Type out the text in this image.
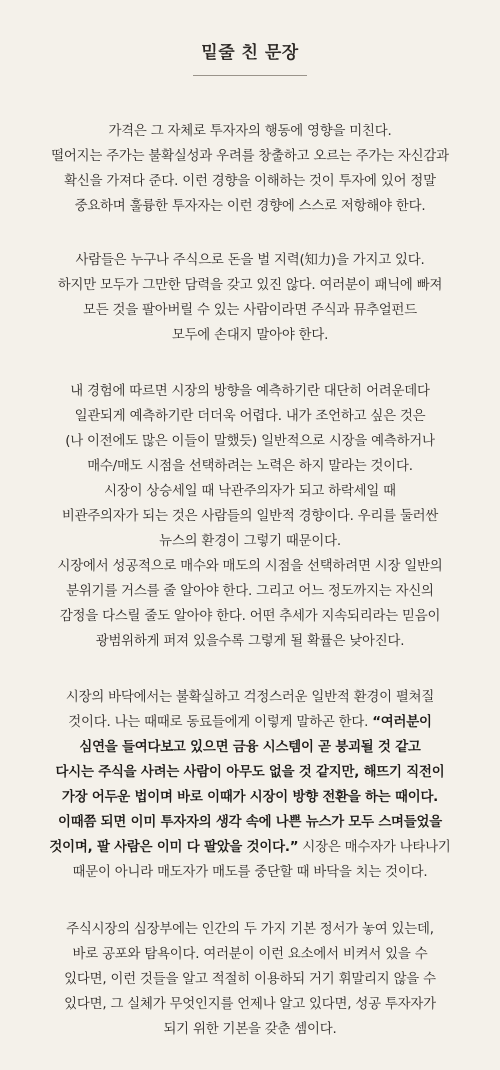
밑줄 친 문장
가격은 그 자체로 투자자의 행동에 영향을 미친다.
떨어지는 주가는 불확실성과 우려를 창출하고 오르는 주가는 자신감과
확신을 가져다 준다. 이런 경향을 이해하는 것이 투자에 있어 정말
중요하며 훌륭한 투자자는 이런 경향에 스스로 저항해야 한다.
사람들은 누구나 주식으로 돈을 벌 지력(知力)을 가지고 있다.
하지만 모두가 그만한 담력을 갖고 있진 않다. 여러분이 패닉에 빠져
모든 것을 팔아버릴 수 있는 사람이라면 주식과 뮤추얼펀드
모두에 손대지 말아야 한다.
내 경험에 따르면 시장의 방향을 예측하기란 대단히 어려운데다
일관되게 예측하기란 더더욱 어렵다. 내가 조언하고 싶은 것은
(나 이전에도 많은 이들이 말했듯) 일반적으로 시장을 예측하거나
매수/매도 시점을 선택하려는 노력은 하지 말라는 것이다.
시장이 상승세일 때 낙관주의자가 되고 하락세일 때
비관주의자가 되는 것은 사람들의 일반적 경향이다. 우리를 둘러싼
뉴스의 환경이 그렇기 때문이다.
시장에서 성공적으로 매수와 매도의 시점을 선택하려면 시장 일반의
분위기를 거스를 줄 알아야 한다. 그리고 어느 정도까지는 자신의
감정을 다스릴 줄도 알아야 한다. 어떤 추세가 지속되리라는 믿음이
광범위하게 퍼져 있을수록 그렇게 될 확률은 낮아진다.
시장의 바닥에서는 불확실하고 걱정스러운 일반적 환경이 펼쳐질
것이다. 나는 때때로 동료들에게 이렇게 말하곤 한다. “여러분이
심연을 들여다보고 있으면 금융 시스템이 곧 붕괴될 것 같고
다시는 주식을 사려는 사람이 아무도 없을 것 같지만, 해뜨기 직전이
가장 어두운 법이며 바로 이때가 시장이 방향 전환을 하는 때이다.
이때쯤 되면 이미 투자자의 생각 속에 나쁜 뉴스가 모두 스며들었을
것이며, 팔 사람은 이미 다 팔았을 것이다.” 시장은 매수자가 나타나기
때문이 아니라 매도자가 매도를 중단할 때 바닥을 치는 것이다.
주식시장의 심장부에는 인간의 두 가지 기본 정서가 놓여 있는데,
바로 공포와 탐욕이다. 여러분이 이런 요소에서 비켜서 있을 수
있다면, 이런 것들을 알고 적절히 이용하되 거기 휘말리지 않을 수
있다면, 그 실체가 무엇인지를 언제나 알고 있다면, 성공 투자자가
되기 위한 기본을 갖춘 셈이다.
